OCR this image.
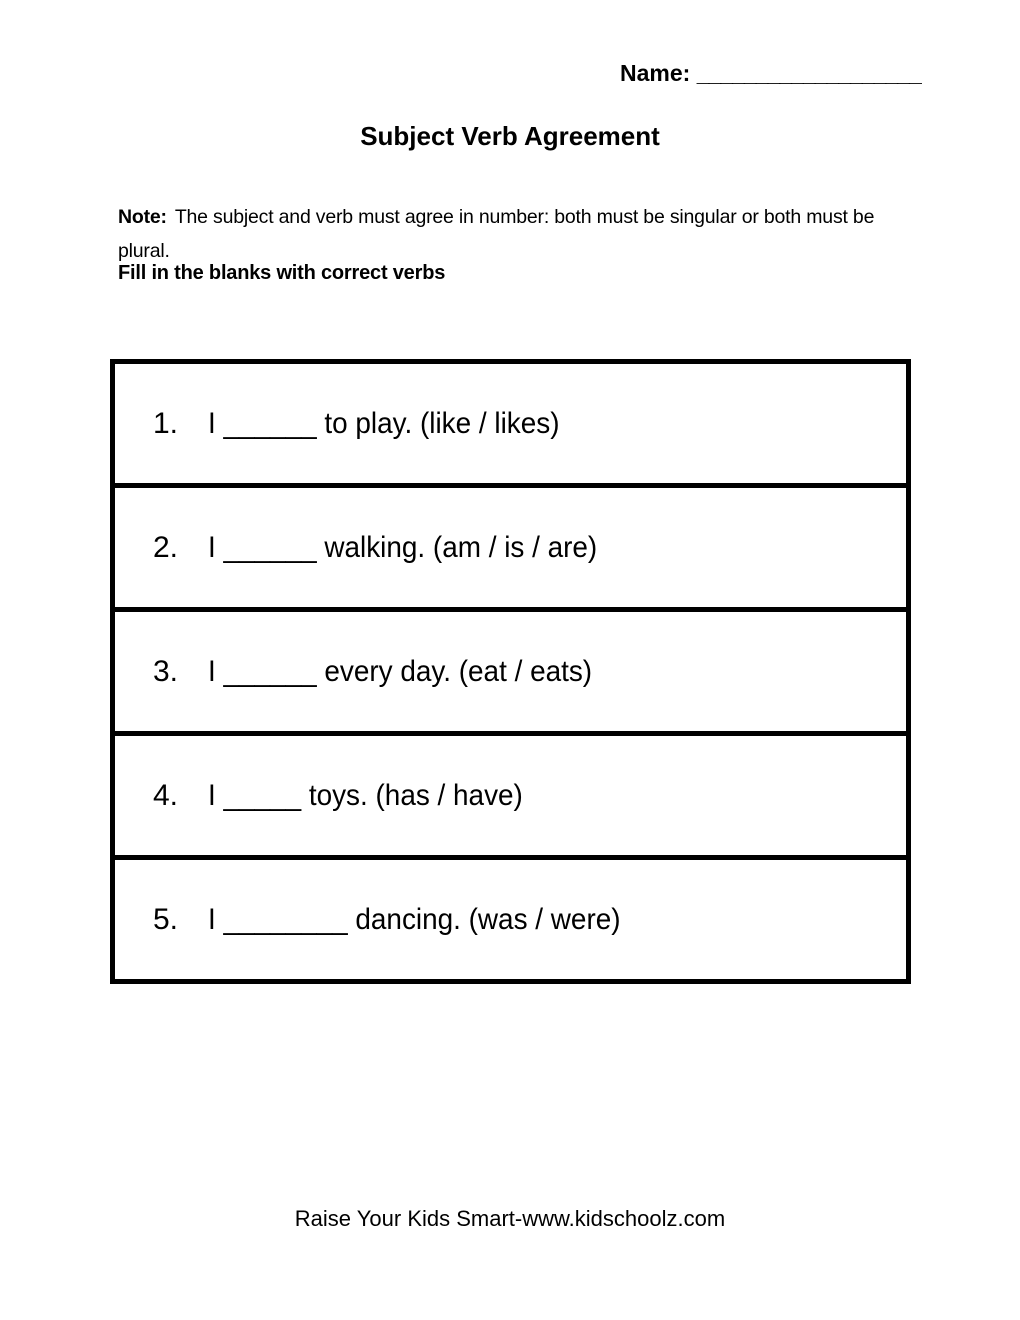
Name: ___________________
Subject Verb Agreement

Note: The subject and verb must agree in number: both must be singular or both must be plural.

Fill in the blanks with correct verbs
1. I ______ to play. (like / likes)
2. I ______ walking. (am / is / are)
3. I ______ every day. (eat / eats)
4. I _____ toys. (has / have)
5. I ________ dancing. (was / were)
Raise Your Kids Smart-www.kidschoolz.com
